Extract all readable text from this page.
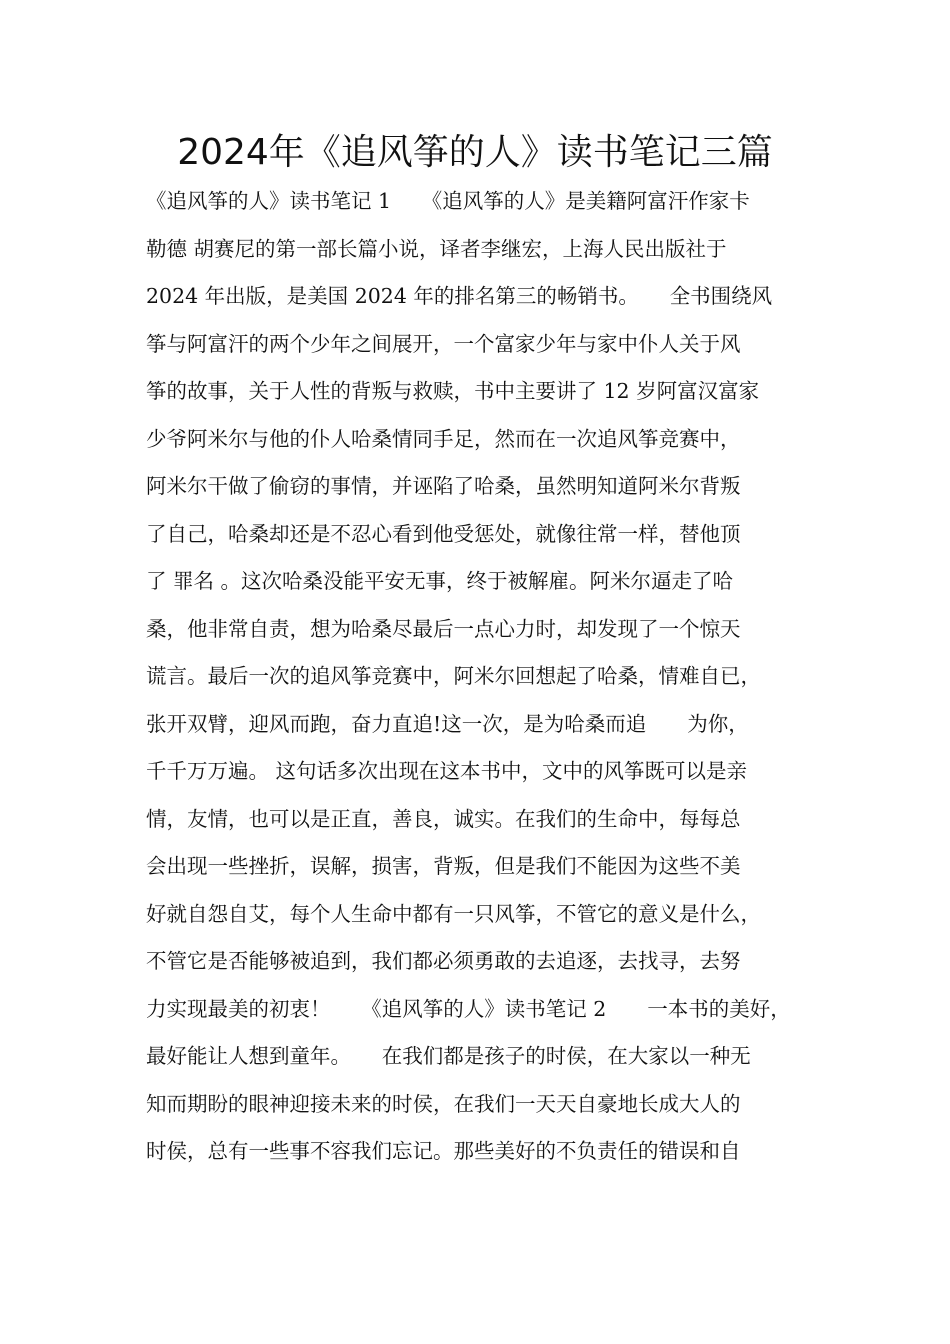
2024年《追风筝的人》读书笔记三篇
《追风筝的人》读书笔记 1　　《追风筝的人》是美籍阿富汗作家卡
勒德 胡赛尼的第一部长篇小说，译者李继宏，上海人民出版社于
2024 年出版，是美国 2024 年的排名第三的畅销书。　　全书围绕风
筝与阿富汗的两个少年之间展开，一个富家少年与家中仆人关于风
筝的故事，关于人性的背叛与救赎，书中主要讲了 12 岁阿富汉富家
少爷阿米尔与他的仆人哈桑情同手足，然而在一次追风筝竞赛中，
阿米尔干做了偷窃的事情，并诬陷了哈桑，虽然明知道阿米尔背叛
了自己，哈桑却还是不忍心看到他受惩处，就像往常一样，替他顶
了 罪名 。这次哈桑没能平安无事，终于被解雇。阿米尔逼走了哈
桑，他非常自责，想为哈桑尽最后一点心力时，却发现了一个惊天
谎言。最后一次的追风筝竞赛中，阿米尔回想起了哈桑，情难自已，
张开双臂，迎风而跑，奋力直追!这一次，是为哈桑而追　　为你，
千千万万遍。 这句话多次出现在这本书中，文中的风筝既可以是亲
情，友情，也可以是正直，善良，诚实。在我们的生命中，每每总
会出现一些挫折，误解，损害，背叛，但是我们不能因为这些不美
好就自怨自艾，每个人生命中都有一只风筝，不管它的意义是什么，
不管它是否能够被追到，我们都必须勇敢的去追逐，去找寻，去努
力实现最美的初衷！　　《追风筝的人》读书笔记 2　　一本书的美好，
最好能让人想到童年。　　在我们都是孩子的时侯，在大家以一种无
知而期盼的眼神迎接未来的时侯，在我们一天天自豪地长成大人的
时侯，总有一些事不容我们忘记。那些美好的不负责任的错误和自
